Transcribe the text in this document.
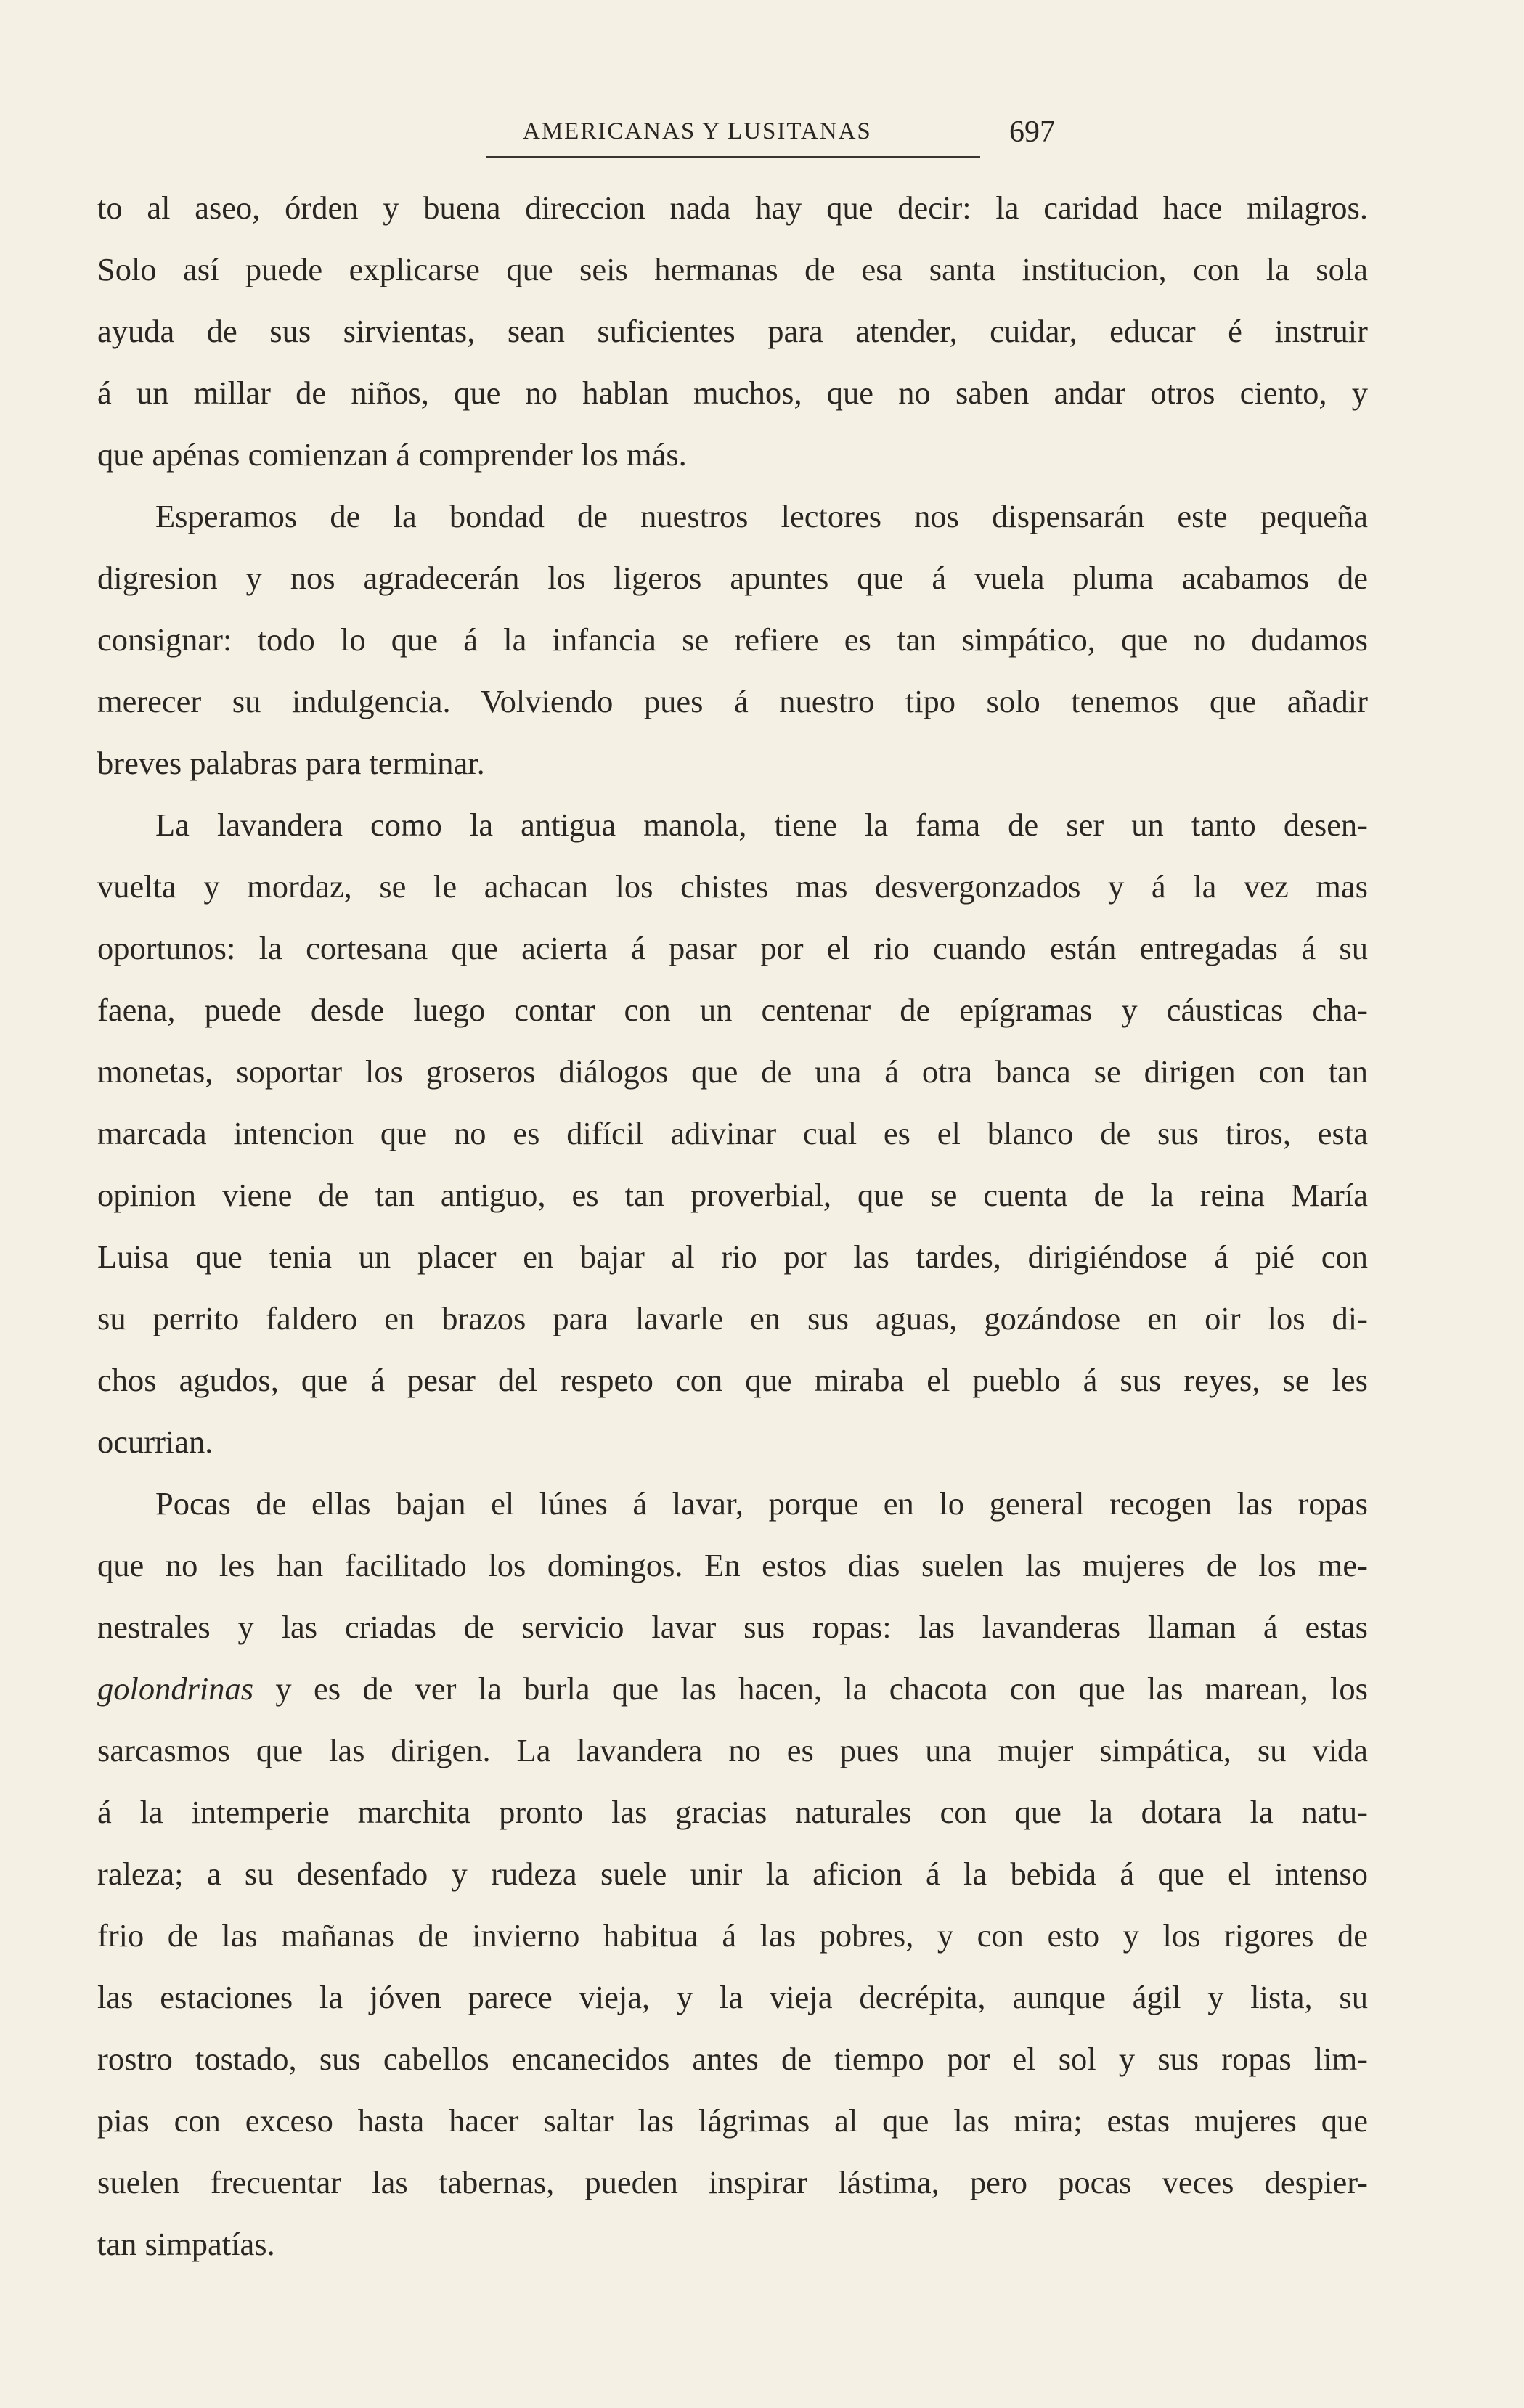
AMERICANAS Y LUSITANAS	697
to al aseo, órden y buena direccion nada hay que decir: la caridad hace milagros.
Solo así puede explicarse que seis hermanas de esa santa institucion, con la sola
ayuda de sus sirvientas, sean suficientes para atender, cuidar, educar é instruir
á un millar de niños, que no hablan muchos, que no saben andar otros ciento, y
que apénas comienzan á comprender los más.
Esperamos de la bondad de nuestros lectores nos dispensarán este pequeña
digresion y nos agradecerán los ligeros apuntes que á vuela pluma acabamos de
consignar: todo lo que á la infancia se refiere es tan simpático, que no dudamos
merecer su indulgencia. Volviendo pues á nuestro tipo solo tenemos que añadir
breves palabras para terminar.
La lavandera como la antigua manola, tiene la fama de ser un tanto desen-
vuelta y mordaz, se le achacan los chistes mas desvergonzados y á la vez mas
oportunos: la cortesana que acierta á pasar por el rio cuando están entregadas á su
faena, puede desde luego contar con un centenar de epígramas y cáusticas cha-
monetas, soportar los groseros diálogos que de una á otra banca se dirigen con tan
marcada intencion que no es difícil adivinar cual es el blanco de sus tiros, esta
opinion viene de tan antiguo, es tan proverbial, que se cuenta de la reina María
Luisa que tenia un placer en bajar al rio por las tardes, dirigiéndose á pié con
su perrito faldero en brazos para lavarle en sus aguas, gozándose en oir los di-
chos agudos, que á pesar del respeto con que miraba el pueblo á sus reyes, se les
ocurrian.
Pocas de ellas bajan el lúnes á lavar, porque en lo general recogen las ropas
que no les han facilitado los domingos. En estos dias suelen las mujeres de los me-
nestrales y las criadas de servicio lavar sus ropas: las lavanderas llaman á estas
golondrinas y es de ver la burla que las hacen, la chacota con que las marean, los
sarcasmos que las dirigen. La lavandera no es pues una mujer simpática, su vida
á la intemperie marchita pronto las gracias naturales con que la dotara la natu-
raleza; a su desenfado y rudeza suele unir la aficion á la bebida á que el intenso
frio de las mañanas de invierno habitua á las pobres, y con esto y los rigores de
las estaciones la jóven parece vieja, y la vieja decrépita, aunque ágil y lista, su
rostro tostado, sus cabellos encanecidos antes de tiempo por el sol y sus ropas lim-
pias con exceso hasta hacer saltar las lágrimas al que las mira; estas mujeres que
suelen frecuentar las tabernas, pueden inspirar lástima, pero pocas veces despier-
tan simpatías.
